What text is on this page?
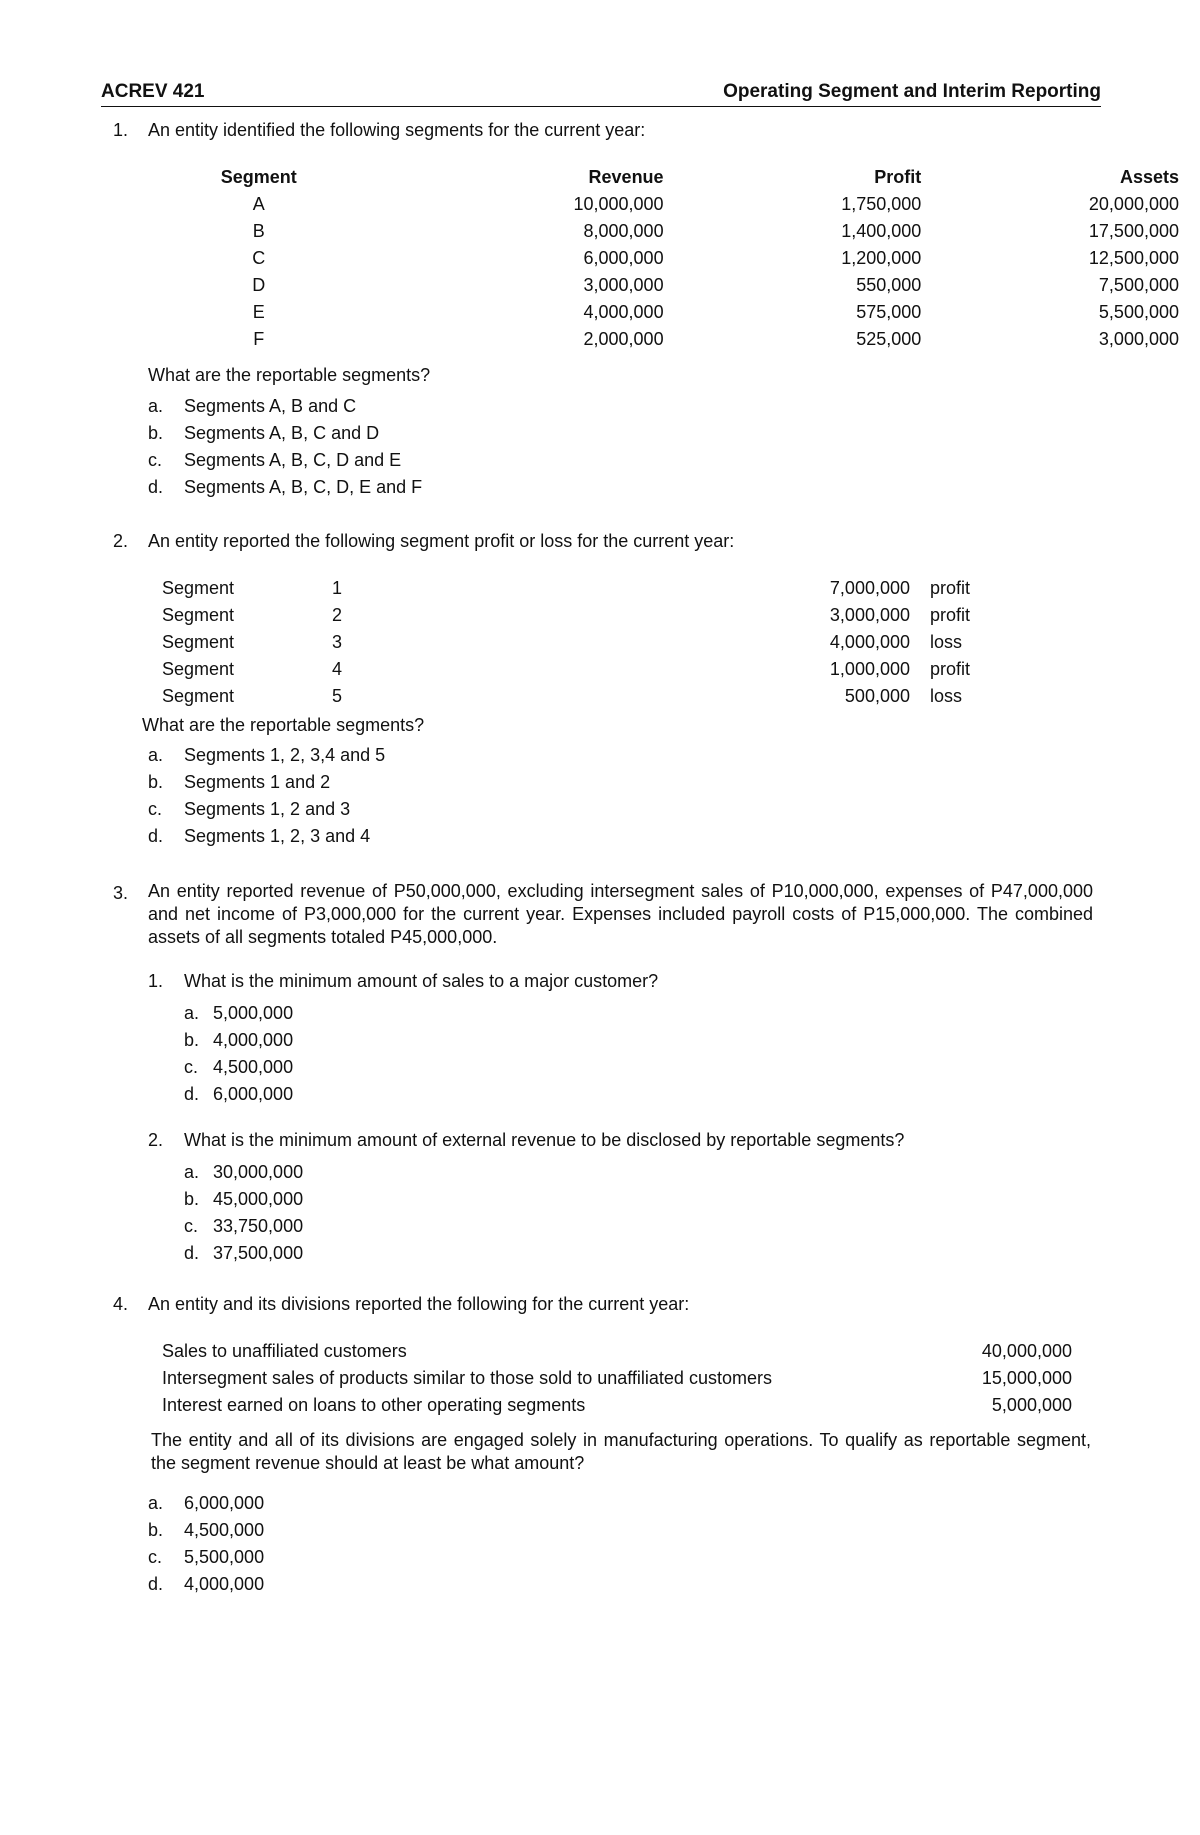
ACREV 421	Operating Segment and Interim Reporting
1. An entity identified the following segments for the current year:
Segment	Revenue	Profit	Assets
A	10,000,000	1,750,000	20,000,000
B	8,000,000	1,400,000	17,500,000
C	6,000,000	1,200,000	12,500,000
D	3,000,000	550,000	7,500,000
E	4,000,000	575,000	5,500,000
F	2,000,000	525,000	3,000,000
What are the reportable segments?
a. Segments A, B and C
b. Segments A, B, C and D
c. Segments A, B, C, D and E
d. Segments A, B, C, D, E and F
2. An entity reported the following segment profit or loss for the current year:
Segment	1	7,000,000	profit
Segment	2	3,000,000	profit
Segment	3	4,000,000	loss
Segment	4	1,000,000	profit
Segment	5	500,000	loss
What are the reportable segments?
a. Segments 1, 2, 3,4 and 5
b. Segments 1 and 2
c. Segments 1, 2 and 3
d. Segments 1, 2, 3 and 4
3. An entity reported revenue of P50,000,000, excluding intersegment sales of P10,000,000, expenses of P47,000,000 and net income of P3,000,000 for the current year. Expenses included payroll costs of P15,000,000. The combined assets of all segments totaled P45,000,000.
1. What is the minimum amount of sales to a major customer?
a. 5,000,000
b. 4,000,000
c. 4,500,000
d. 6,000,000
2. What is the minimum amount of external revenue to be disclosed by reportable segments?
a. 30,000,000
b. 45,000,000
c. 33,750,000
d. 37,500,000
4. An entity and its divisions reported the following for the current year:
Sales to unaffiliated customers	40,000,000
Intersegment sales of products similar to those sold to unaffiliated customers	15,000,000
Interest earned on loans to other operating segments	5,000,000
The entity and all of its divisions are engaged solely in manufacturing operations. To qualify as reportable segment, the segment revenue should at least be what amount?
a. 6,000,000
b. 4,500,000
c. 5,500,000
d. 4,000,000
